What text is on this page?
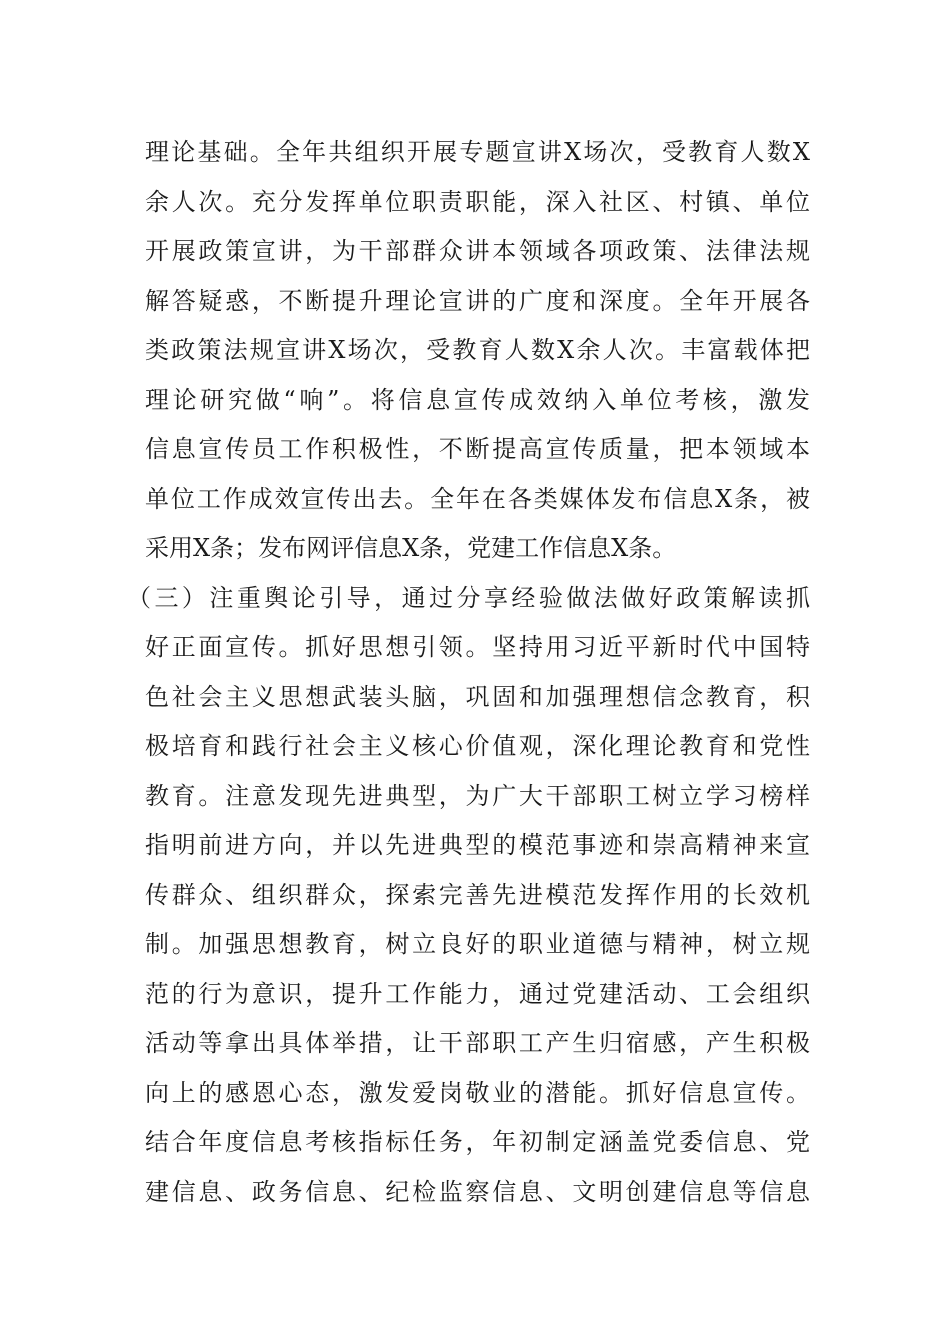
理论基础。全年共组织开展专题宣讲X场次，受教育人数X
余人次。充分发挥单位职责职能，深入社区、村镇、单位
开展政策宣讲，为干部群众讲本领域各项政策、法律法规
解答疑惑，不断提升理论宣讲的广度和深度。全年开展各
类政策法规宣讲X场次，受教育人数X余人次。丰富载体把
理论研究做“响”。将信息宣传成效纳入单位考核，激发
信息宣传员工作积极性，不断提高宣传质量，把本领域本
单位工作成效宣传出去。全年在各类媒体发布信息X条，被
采用X条；发布网评信息X条，党建工作信息X条。
（三）注重舆论引导，通过分享经验做法做好政策解读抓
好正面宣传。抓好思想引领。坚持用习近平新时代中国特
色社会主义思想武装头脑，巩固和加强理想信念教育，积
极培育和践行社会主义核心价值观，深化理论教育和党性
教育。注意发现先进典型，为广大干部职工树立学习榜样
指明前进方向，并以先进典型的模范事迹和崇高精神来宣
传群众、组织群众，探索完善先进模范发挥作用的长效机
制。加强思想教育，树立良好的职业道德与精神，树立规
范的行为意识，提升工作能力，通过党建活动、工会组织
活动等拿出具体举措，让干部职工产生归宿感，产生积极
向上的感恩心态，激发爱岗敬业的潜能。抓好信息宣传。
结合年度信息考核指标任务，年初制定涵盖党委信息、党
建信息、政务信息、纪检监察信息、文明创建信息等信息
